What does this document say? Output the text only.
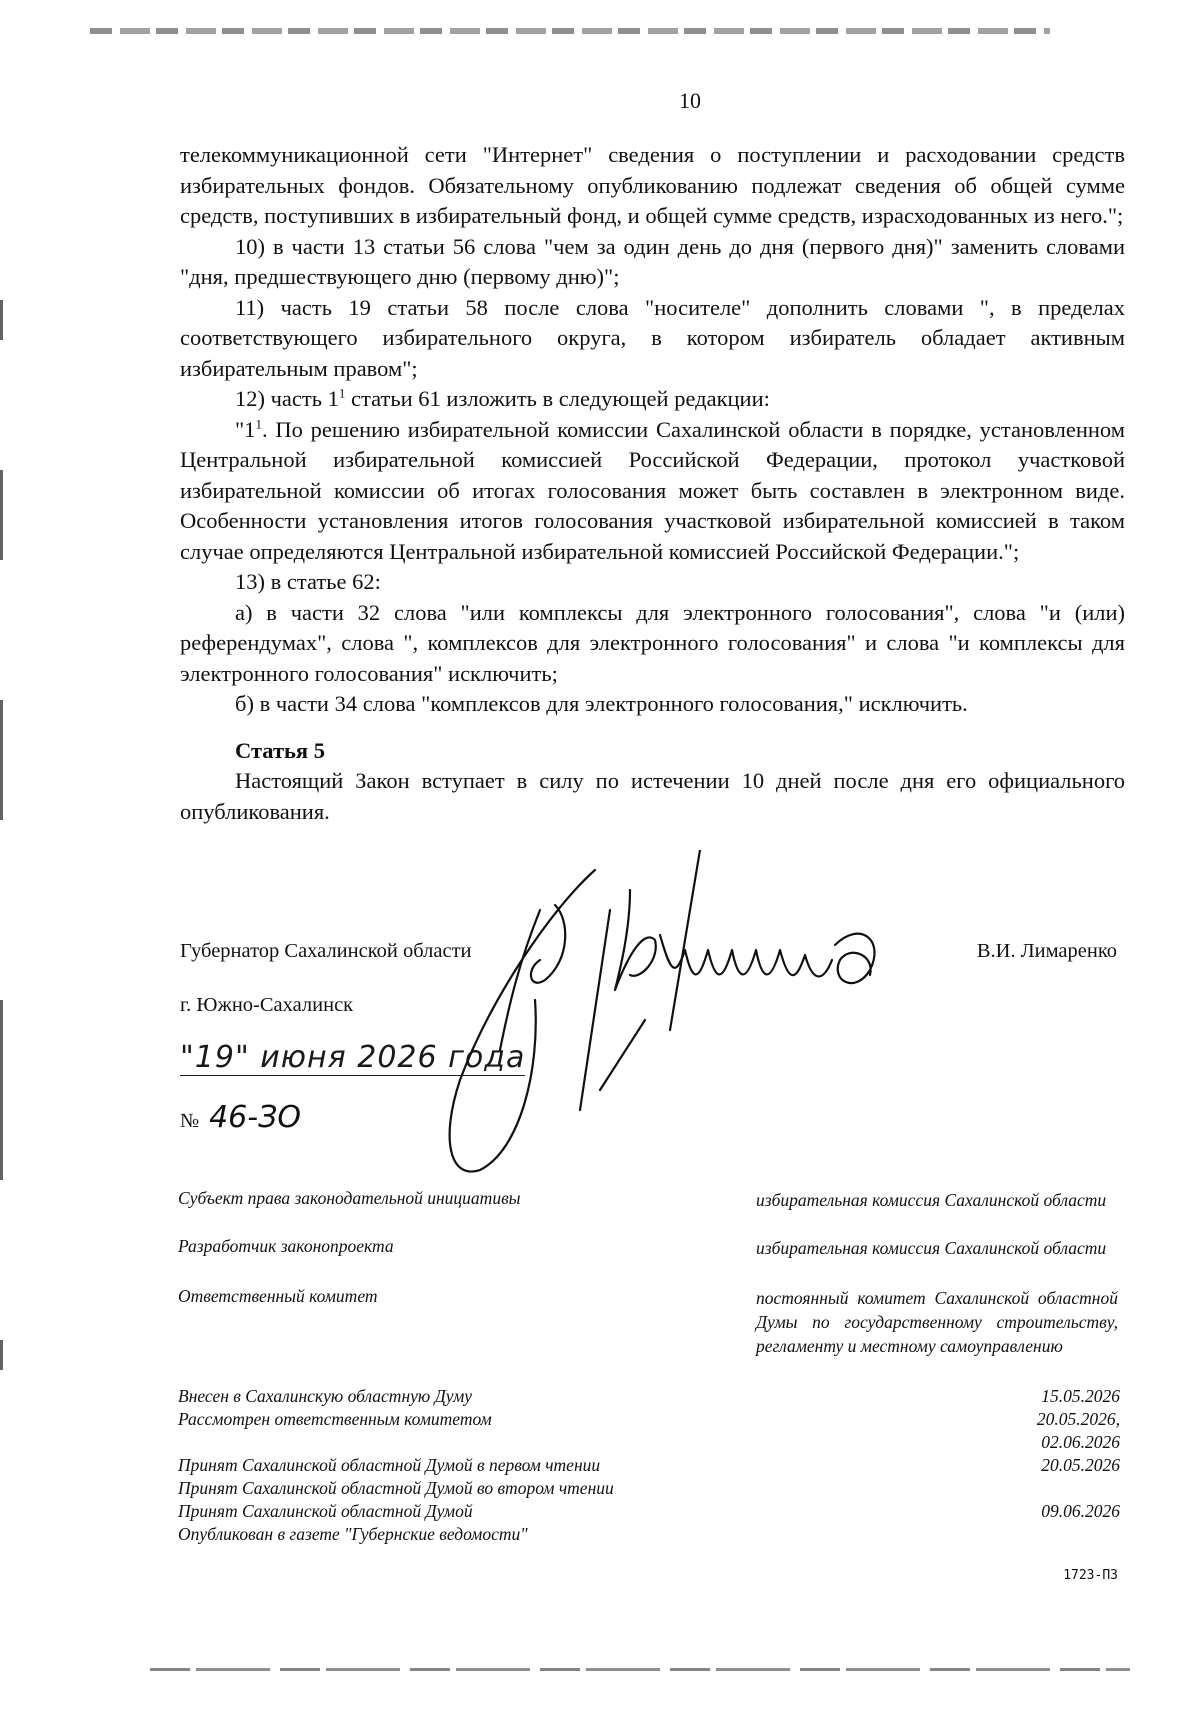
10

телекоммуникационной сети "Интернет" сведения о поступлении и расходовании средств избирательных фондов. Обязательному опубликованию подлежат сведения об общей сумме средств, поступивших в избирательный фонд, и общей сумме средств, израсходованных из него.";

10) в части 13 статьи 56 слова "чем за один день до дня (первого дня)" заменить словами "дня, предшествующего дню (первому дню)";

11) часть 19 статьи 58 после слова "носителе" дополнить словами ", в пределах соответствующего избирательного округа, в котором избиратель обладает активным избирательным правом";

12) часть $1^1$ статьи 61 изложить в следующей редакции:

"$1^1$. По решению избирательной комиссии Сахалинской области в порядке, установленном Центральной избирательной комиссией Российской Федерации, протокол участковой избирательной комиссии об итогах голосования может быть составлен в электронном виде. Особенности установления итогов голосования участковой избирательной комиссией в таком случае определяются Центральной избирательной комиссией Российской Федерации.";

13) в статье 62:

а) в части 32 слова "или комплексы для электронного голосования", слова "и (или) референдумах", слова ", комплексов для электронного голосования" и слова "и комплексы для электронного голосования" исключить;

б) в части 34 слова "комплексов для электронного голосования," исключить.

Статья 5

Настоящий Закон вступает в силу по истечении 10 дней после дня его официального опубликования.

Губернатор Сахалинской области	В.И. Лимаренко
г. Южно-Сахалинск
"19" июня 2026 года
№ 46-ЗО
Субъект права законодательной инициативы	избирательная комиссия Сахалинской области
Разработчик законопроекта	избирательная комиссия Сахалинской области
Ответственный комитет	постоянный комитет Сахалинской областной Думы по государственному строительству, регламенту и местному самоуправлению
Внесен в Сахалинскую областную Думу	15.05.2026
Рассмотрен ответственным комитетом	20.05.2026,
02.06.2026
Принят Сахалинской областной Думой в первом чтении	20.05.2026
Принят Сахалинской областной Думой во втором чтении
Принят Сахалинской областной Думой	09.06.2026
Опубликован в газете "Губернские ведомости"
1723-П3
